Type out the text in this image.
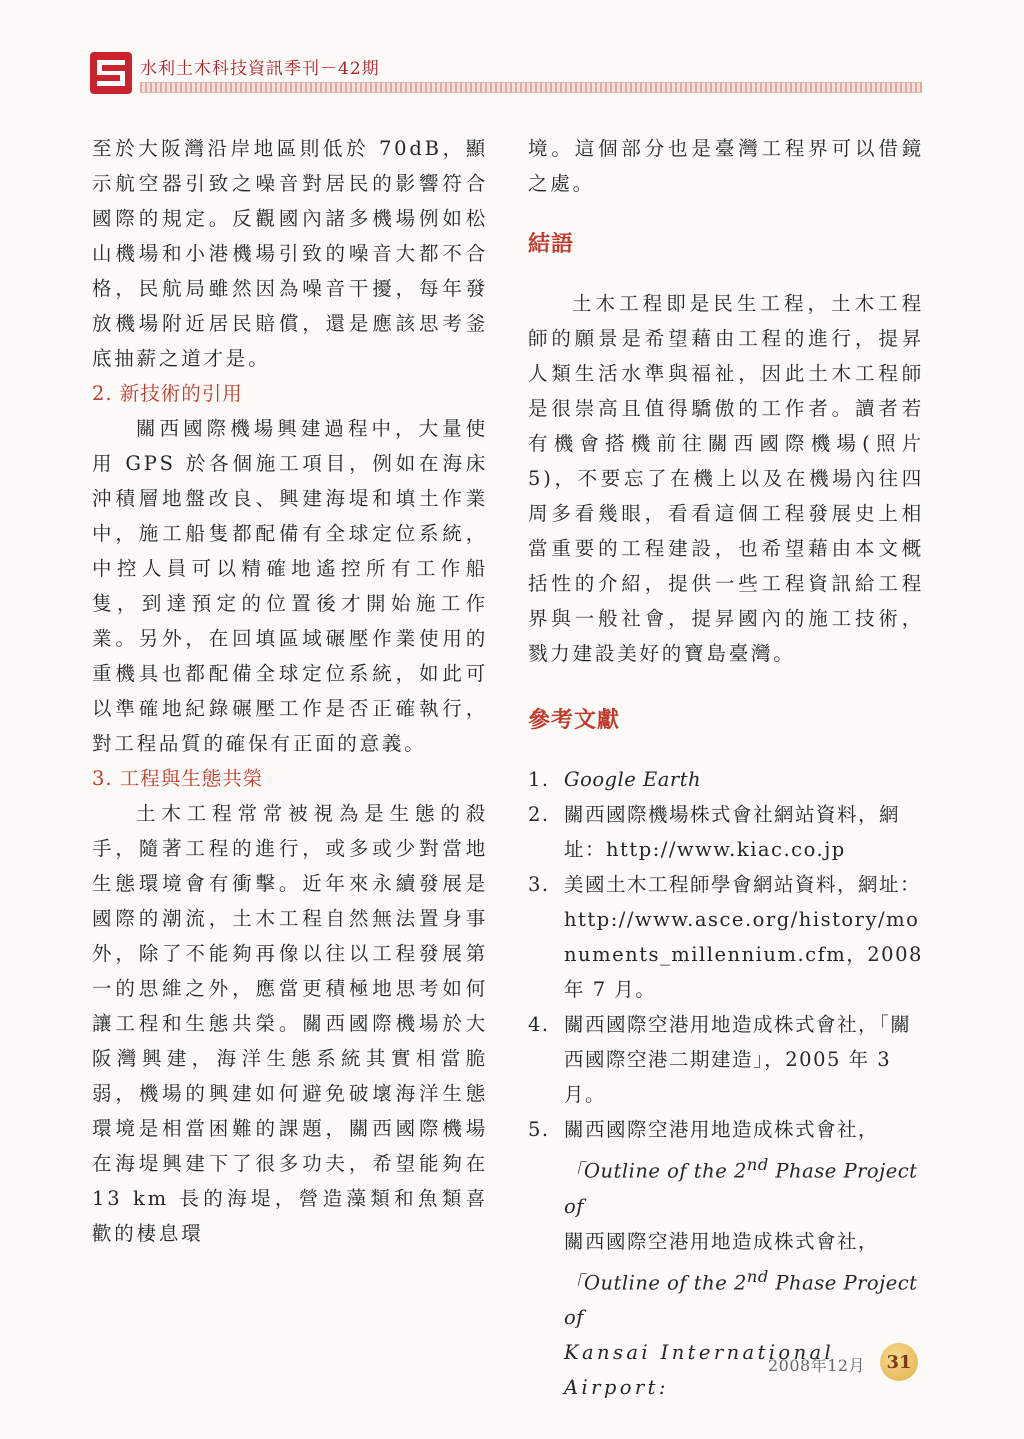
水利土木科技資訊季刊－42期

至於大阪灣沿岸地區則低於 70dB，顯示航空器引致之噪音對居民的影響符合國際的規定。反觀國內諸多機場例如松山機場和小港機場引致的噪音大都不合格，民航局雖然因為噪音干擾，每年發放機場附近居民賠償，還是應該思考釜底抽薪之道才是。

2. 新技術的引用

關西國際機場興建過程中，大量使用 GPS 於各個施工項目，例如在海床沖積層地盤改良、興建海堤和填土作業中，施工船隻都配備有全球定位系統，中控人員可以精確地遙控所有工作船隻，到達預定的位置後才開始施工作業。另外，在回填區域碾壓作業使用的重機具也都配備全球定位系統，如此可以準確地紀錄碾壓工作是否正確執行，對工程品質的確保有正面的意義。

3. 工程與生態共榮

土木工程常常被視為是生態的殺手，隨著工程的進行，或多或少對當地生態環境會有衝擊。近年來永續發展是國際的潮流，土木工程自然無法置身事外，除了不能夠再像以往以工程發展第一的思維之外，應當更積極地思考如何讓工程和生態共榮。關西國際機場於大阪灣興建，海洋生態系統其實相當脆弱，機場的興建如何避免破壞海洋生態環境是相當困難的課題，關西國際機場在海堤興建下了很多功夫，希望能夠在 13 km 長的海堤，營造藻類和魚類喜歡的棲息環

境。這個部分也是臺灣工程界可以借鏡之處。

結語

土木工程即是民生工程，土木工程師的願景是希望藉由工程的進行，提昇人類生活水準與福祉，因此土木工程師是很崇高且值得驕傲的工作者。讀者若有機會搭機前往關西國際機場(照片 5)，不要忘了在機上以及在機場內往四周多看幾眼，看看這個工程發展史上相當重要的工程建設，也希望藉由本文概括性的介紹，提供一些工程資訊給工程界與一般社會，提昇國內的施工技術，戮力建設美好的寶島臺灣。

參考文獻

1. Google Earth
2. 關西國際機場株式會社網站資料，網址：http://www.kiac.co.jp
3. 美國土木工程師學會網站資料，網址：http://www.asce.org/history/monuments_millennium.cfm，2008 年 7 月。
4. 關西國際空港用地造成株式會社，「關西國際空港二期建造」，2005 年 3 月。
5. 關西國際空港用地造成株式會社，
「Outline of the 2nd Phase Project of
關西國際空港用地造成株式會社，
「Outline of the 2nd Phase Project of
Kansai International Airport:
2008年12月	31
